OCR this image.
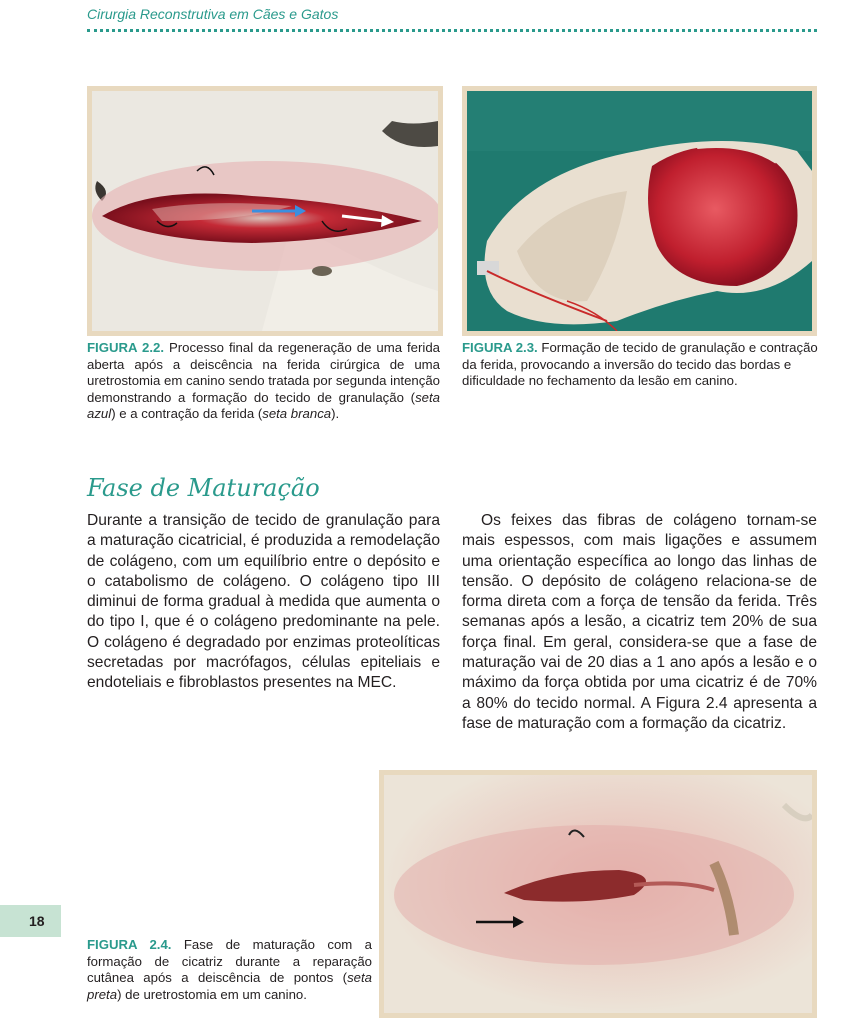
Cirurgia Reconstrutiva em Cães e Gatos
FIGURA 2.2. Processo final da regeneração de uma ferida aberta após a deiscência na ferida cirúrgica de uma uretrostomia em canino sendo tratada por segunda intenção demonstrando a formação do tecido de granulação (seta azul) e a contração da ferida (seta branca).
FIGURA 2.3. Formação de tecido de granulação e contração da ferida, provocando a inversão do tecido das bordas e dificuldade no fechamento da lesão em canino.
Fase de Maturação

Durante a transição de tecido de granulação para a maturação cicatricial, é produzida a remodelação de colágeno, com um equilíbrio entre o depósito e o catabolismo de colágeno. O colágeno tipo III diminui de forma gradual à medida que aumenta o do tipo I, que é o colágeno predominante na pele. O colágeno é degradado por enzimas proteolíticas secretadas por macrófagos, células epiteliais e endoteliais e fibroblastos presentes na MEC.

Os feixes das fibras de colágeno tornam-se mais espessos, com mais ligações e assumem uma orientação específica ao longo das linhas de tensão. O depósito de colágeno relaciona-se de forma direta com a força de tensão da ferida. Três semanas após a lesão, a cicatriz tem 20% de sua força final. Em geral, considera-se que a fase de maturação vai de 20 dias a 1 ano após a lesão e o máximo da força obtida por uma cicatriz é de 70% a 80% do tecido normal. A Figura 2.4 apresenta a fase de maturação com a formação da cicatriz.

FIGURA 2.4. Fase de maturação com a formação de cicatriz durante a reparação cutânea após a deiscência de pontos (seta preta) de uretrostomia em um canino.
18
